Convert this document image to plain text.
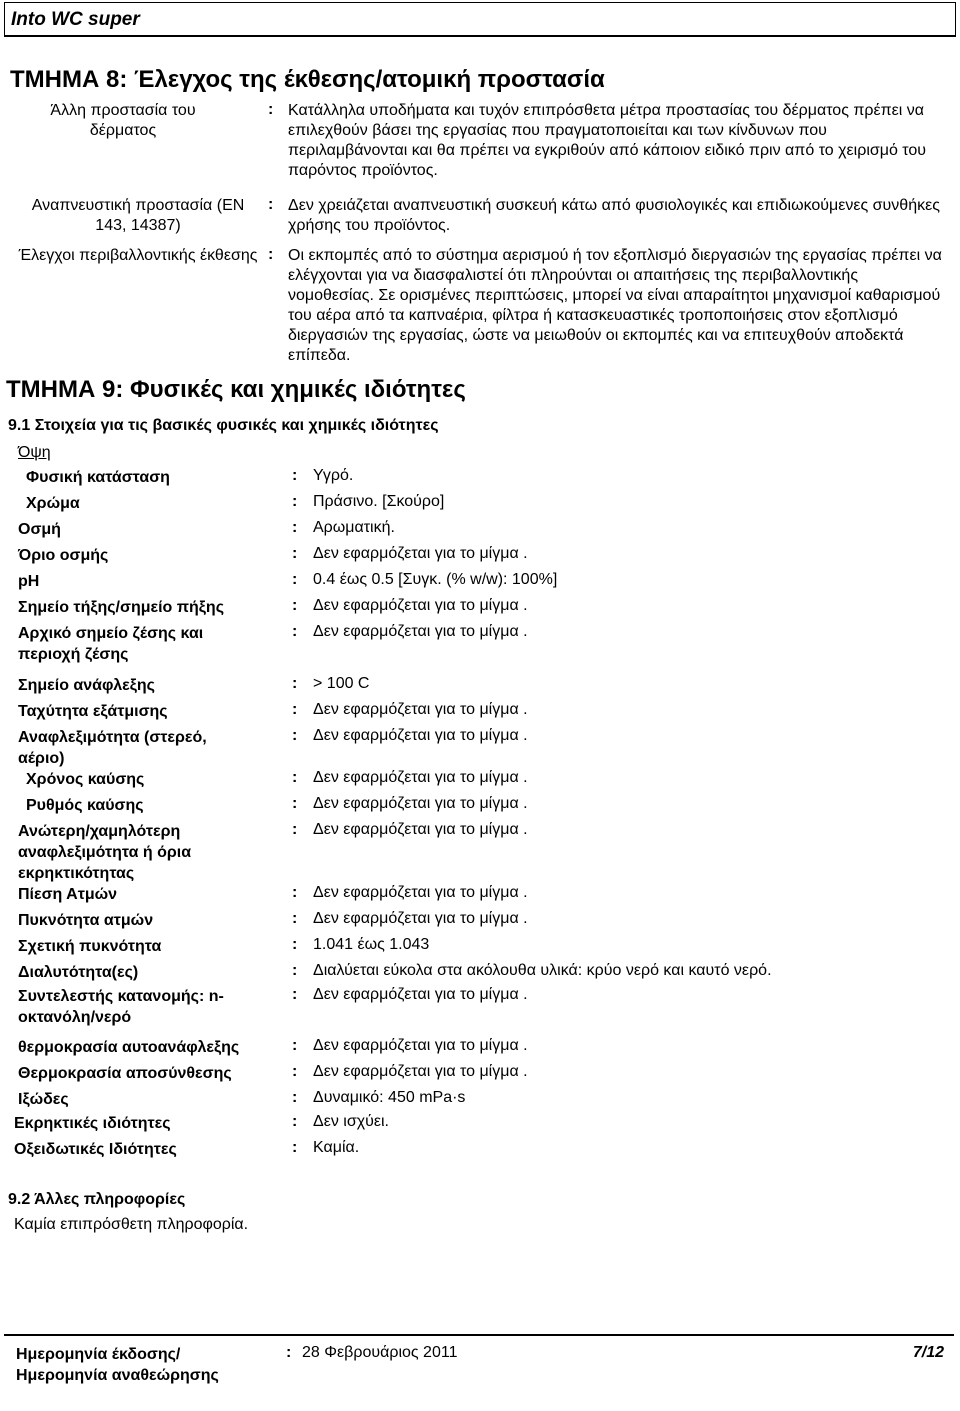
Into WC super
ΤΜΗΜΑ 8: Έλεγχος της έκθεσης/ατομική προστασία
Άλλη προστασία του δέρματος
: Κατάλληλα υποδήματα και τυχόν επιπρόσθετα μέτρα προστασίας του δέρματος πρέπει να επιλεχθούν βάσει της εργασίας που πραγματοποιείται και των κίνδυνων που περιλαμβάνονται και θα πρέπει να εγκριθούν από κάποιον ειδικό πριν από το χειρισμό του παρόντος προϊόντος.
Αναπνευστική προστασία (EN 143, 14387)
: Δεν χρειάζεται αναπνευστική συσκευή κάτω από φυσιολογικές και επιδιωκούμενες συνθήκες χρήσης του προϊόντος.
Έλεγχοι περιβαλλοντικής έκθεσης : Οι εκπομπές από το σύστημα αερισμού ή τον εξοπλισμό διεργασιών της εργασίας πρέπει να ελέγχονται για να διασφαλιστεί ότι πληρούνται οι απαιτήσεις της περιβαλλοντικής νομοθεσίας. Σε ορισμένες περιπτώσεις, μπορεί να είναι απαραίτητοι μηχανισμοί καθαρισμού του αέρα από τα καπναέρια, φίλτρα ή κατασκευαστικές τροποποιήσεις στον εξοπλισμό διεργασιών της εργασίας, ώστε να μειωθούν οι εκπομπές και να επιτευχθούν αποδεκτά επίπεδα.
ΤΜΗΜΑ 9: Φυσικές και χημικές ιδιότητες
9.1 Στοιχεία για τις βασικές φυσικές και χημικές ιδιότητες
Όψη
Φυσική κατάσταση	: Υγρό.
Χρώμα	: Πράσινο. [Σκούρο]
Οσμή	: Αρωματική.
Όριο οσμής	: Δεν εφαρμόζεται για το μίγμα .
pH	: 0.4 έως 0.5 [Συγκ. (% w/w): 100%]
Σημείο τήξης/σημείο πήξης	: Δεν εφαρμόζεται για το μίγμα .
Αρχικό σημείο ζέσης και περιοχή ζέσης
: Δεν εφαρμόζεται για το μίγμα .
Σημείο ανάφλεξης	: > 100 C
Ταχύτητα εξάτμισης	: Δεν εφαρμόζεται για το μίγμα .
Αναφλεξιμότητα (στερεό, αέριο)
: Δεν εφαρμόζεται για το μίγμα .
Χρόνος καύσης	: Δεν εφαρμόζεται για το μίγμα .
Ρυθμός καύσης	: Δεν εφαρμόζεται για το μίγμα .
Ανώτερη/χαμηλότερη αναφλεξιμότητα ή όρια εκρηκτικότητας
: Δεν εφαρμόζεται για το μίγμα .
Πίεση Ατμών	: Δεν εφαρμόζεται για το μίγμα .
Πυκνότητα ατμών	: Δεν εφαρμόζεται για το μίγμα .
Σχετική πυκνότητα	: 1.041 έως 1.043
Διαλυτότητα(ες)	: Διαλύεται εύκολα στα ακόλουθα υλικά: κρύο νερό και καυτό νερό.
Συντελεστής κατανομής: n-οκτανόλη/νερό
: Δεν εφαρμόζεται για το μίγμα .
θερμοκρασία αυτοανάφλεξης	: Δεν εφαρμόζεται για το μίγμα .
Θερμοκρασία αποσύνθεσης	: Δεν εφαρμόζεται για το μίγμα .
Ιξώδες	: Δυναμικό: 450 mPa·s
Εκρηκτικές ιδιότητες	: Δεν ισχύει.
Οξειδωτικές Ιδιότητες	: Καμία.
9.2 Άλλες πληροφορίες
Καμία επιπρόσθετη πληροφορία.
Ημερομηνία έκδοσης/Ημερομηνία αναθεώρησης
: 28 Φεβρουάριος 2011	7/12
